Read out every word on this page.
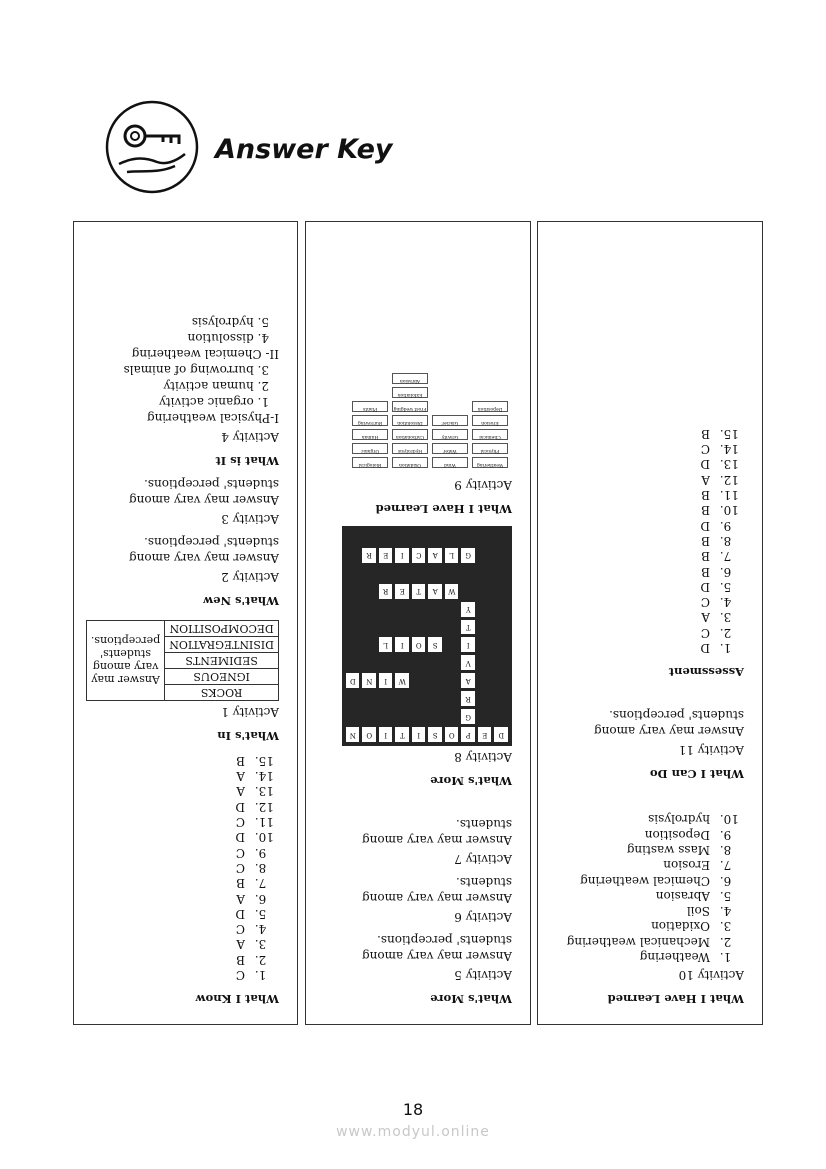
Answer Key
What I Know
1. C
2. B
3. A
4. C
5. D
6. A
7. B
8. C
9. C
10. D
11. C
12. D
13. A
14. A
15. B
What's In
Activity 1
ROCKS	Answer may vary among students' perceptions.
IGNEOUS
SEDIMENTS
DISINTEGRATION
DECOMPOSITION
What's New
Activity 2
Answer may vary among students' perceptions.
Activity 3
Answer may vary among students' perceptions.
What is It
Activity 4
I-Physical weathering
1. organic activity
2. human activity
3. burrowing of animals
II- Chemical weathering
4. dissolution
5. hydrolysis
What's More
Activity 5
Answer may vary among students' perceptions.
Activity 6
Answer may vary among students.
Activity 7
Answer may vary among students.
What's More
Activity 8
D
E
P
O
S
I
T
I
O
N
G
R
A
W
I
N
D
V
I
S
O
I
L
T
Y
W
A
T
E
R
G
L
A
C
I
E
R
What I Have Learned
Activity 9
Weathering
Physical
Chemical
Erosion
Deposition
Wind
Water
Gravity
Glacier
Oxidation
Hydrolysis
Carbonation
Dissolution
Frost wedging
Exfoliation
Abrasion
Biological
Organic
Human
Burrowing
Plants
What I Have Learned
Activity 10
1. Weathering
2. Mechanical weathering
3. Oxidation
4. Soil
5. Abrasion
6. Chemical weathering
7. Erosion
8. Mass wasting
9. Deposition
10. hydrolysis
What I Can Do
Activity 11
Answer may vary among students' perceptions.
Assessment
1. D
2. C
3. A
4. C
5. D
6. B
7. B
8. B
9. D
10. B
11. B
12. A
13. D
14. C
15. B
18
www.modyul.online
